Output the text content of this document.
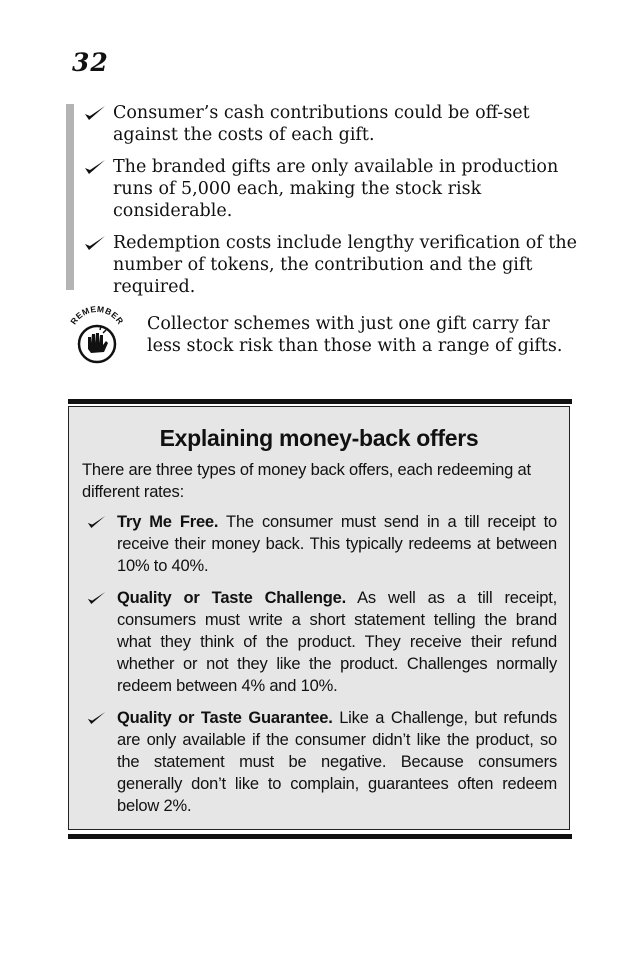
32
Consumer’s cash contributions could be off-set against the costs of each gift.
The branded gifts are only available in production runs of 5,000 each, making the stock risk considerable.
Redemption costs include lengthy verification of the number of tokens, the contribution and the gift required.
REMEMBER Collector schemes with just one gift carry far less stock risk than those with a range of gifts.
Explaining money-back offers
There are three types of money back offers, each redeeming at different rates:
Try Me Free. The consumer must send in a till receipt to receive their money back. This typically redeems at between 10% to 40%.
Quality or Taste Challenge. As well as a till receipt, consumers must write a short statement telling the brand what they think of the product. They receive their refund whether or not they like the product. Challenges normally redeem between 4% and 10%.
Quality or Taste Guarantee. Like a Challenge, but refunds are only available if the consumer didn’t like the product, so the statement must be negative. Because consumers generally don’t like to complain, guarantees often redeem below 2%.
